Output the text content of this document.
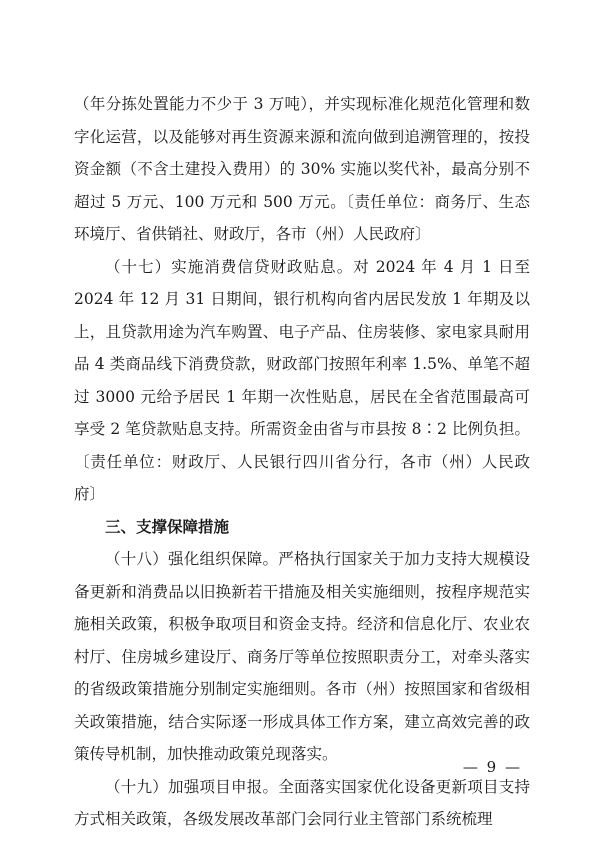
（年分拣处置能力不少于 3 万吨），并实现标准化规范化管理和数字化运营，以及能够对再生资源来源和流向做到追溯管理的，按投资金额（不含土建投入费用）的 30% 实施以奖代补，最高分别不超过 5 万元、100 万元和 500 万元。〔责任单位：商务厅、生态环境厅、省供销社、财政厅，各市（州）人民政府〕

（十七）实施消费信贷财政贴息。对 2024 年 4 月 1 日至 2024 年 12 月 31 日期间，银行机构向省内居民发放 1 年期及以上，且贷款用途为汽车购置、电子产品、住房装修、家电家具耐用品 4 类商品线下消费贷款，财政部门按照年利率 1.5%、单笔不超过 3000 元给予居民 1 年期一次性贴息，居民在全省范围最高可享受 2 笔贷款贴息支持。所需资金由省与市县按 8∶2 比例负担。〔责任单位：财政厅、人民银行四川省分行，各市（州）人民政府〕

三、支撑保障措施

（十八）强化组织保障。严格执行国家关于加力支持大规模设备更新和消费品以旧换新若干措施及相关实施细则，按程序规范实施相关政策，积极争取项目和资金支持。经济和信息化厅、农业农村厅、住房城乡建设厅、商务厅等单位按照职责分工，对牵头落实的省级政策措施分别制定实施细则。各市（州）按照国家和省级相关政策措施，结合实际逐一形成具体工作方案，建立高效完善的政策传导机制，加快推动政策兑现落实。

（十九）加强项目申报。全面落实国家优化设备更新项目支持方式相关政策，各级发展改革部门会同行业主管部门系统梳理

— 9 —
